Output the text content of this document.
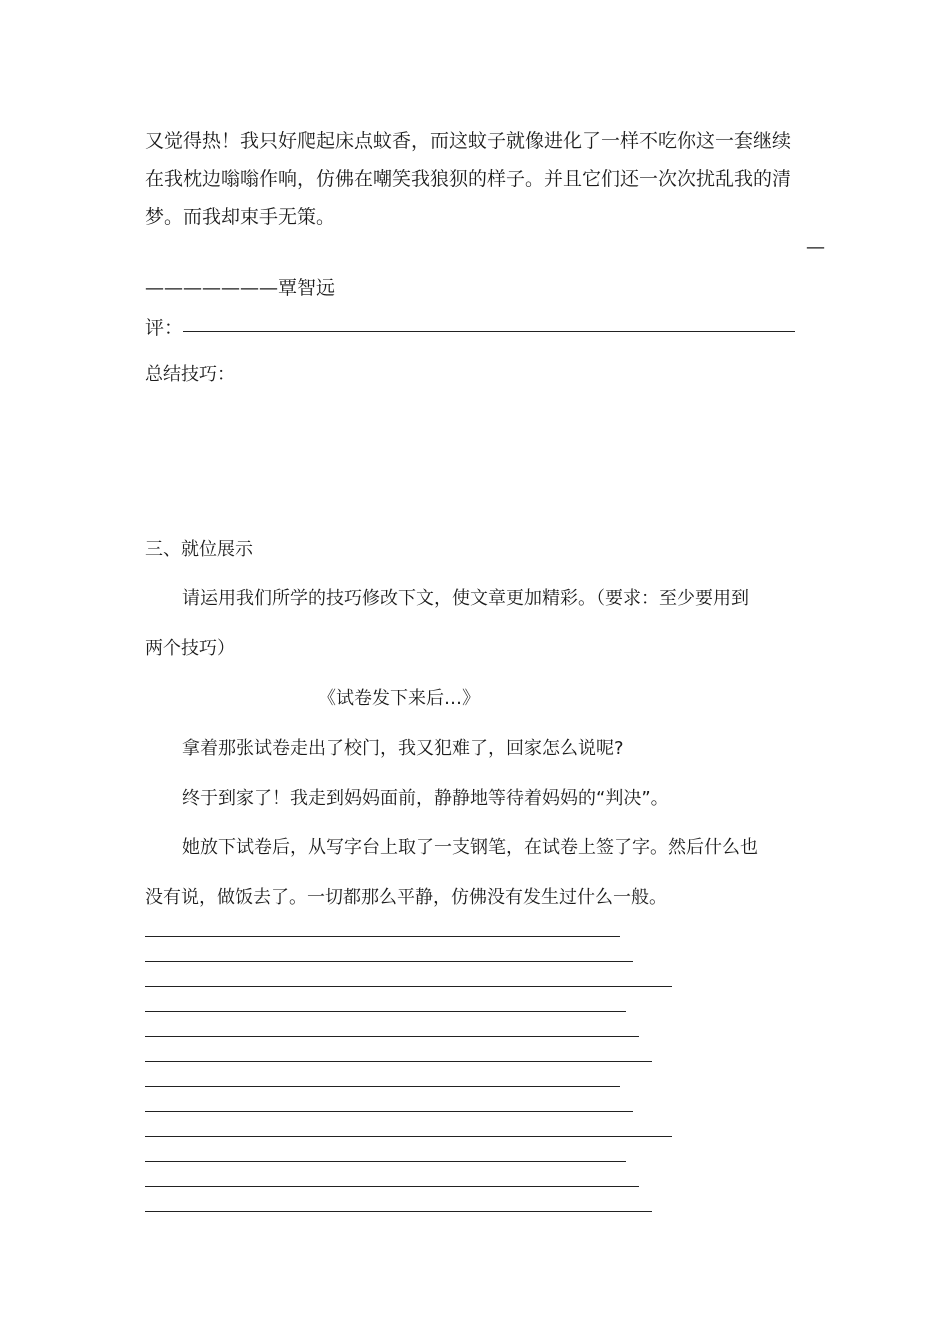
又觉得热！我只好爬起床点蚊香，而这蚊子就像进化了一样不吃你这一套继续

在我枕边嗡嗡作响，仿佛在嘲笑我狼狈的样子。并且它们还一次次扰乱我的清

梦。而我却束手无策。

—

———————覃智远

评：

总结技巧：

三、就位展示

请运用我们所学的技巧修改下文，使文章更加精彩。（要求：至少要用到

两个技巧）

《试卷发下来后…》

拿着那张试卷走出了校门，我又犯难了，回家怎么说呢?

终于到家了！我走到妈妈面前，静静地等待着妈妈的“判决”。

她放下试卷后，从写字台上取了一支钢笔，在试卷上签了字。然后什么也

没有说，做饭去了。一切都那么平静，仿佛没有发生过什么一般。
